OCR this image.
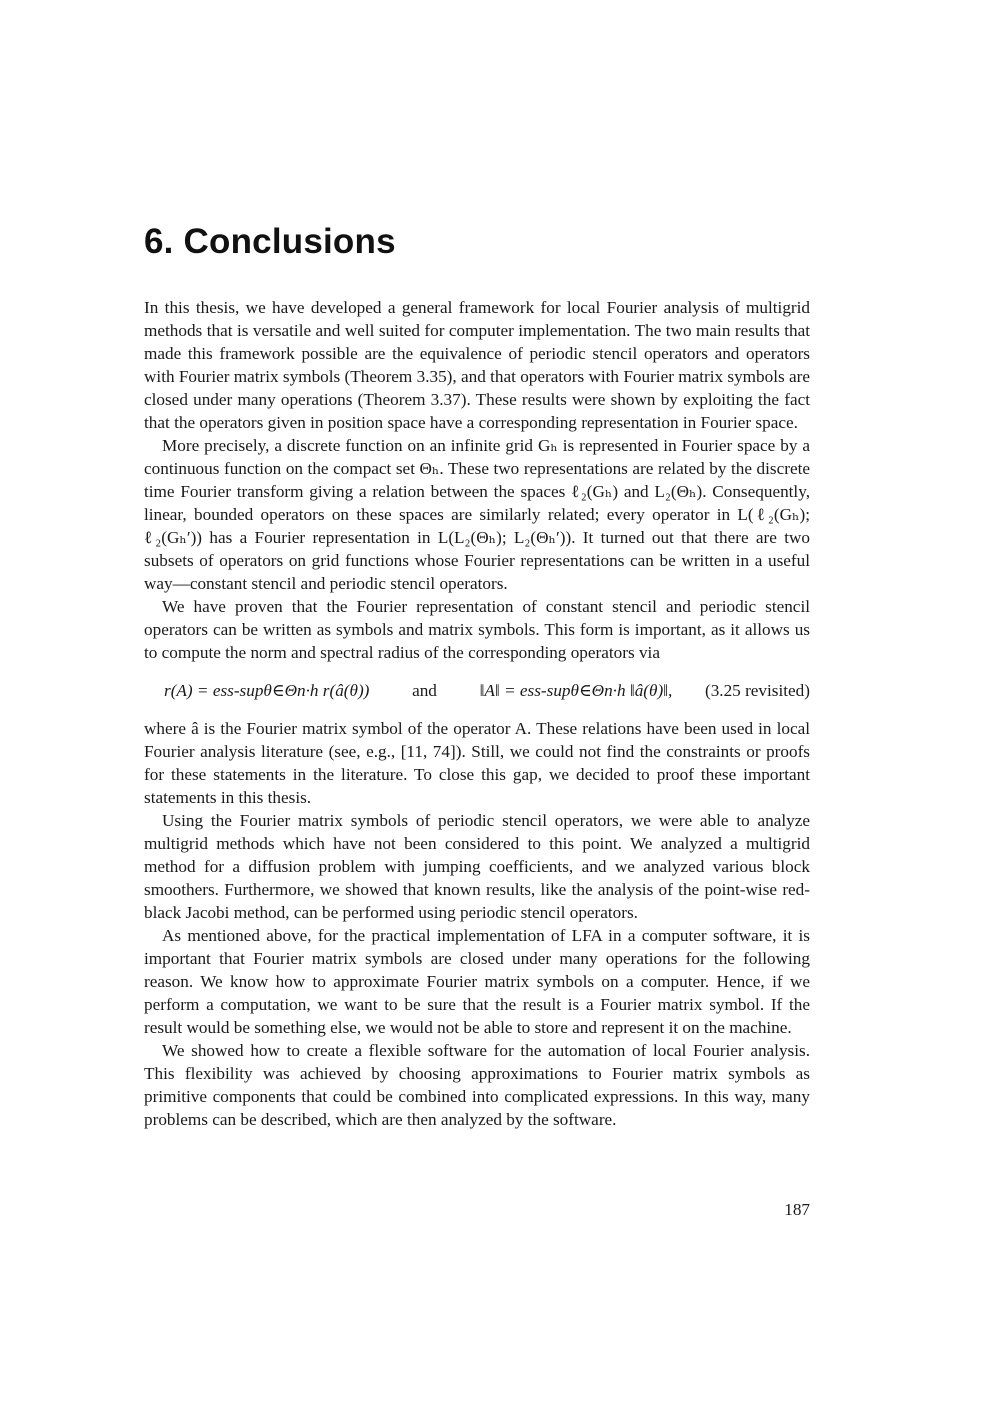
6. Conclusions

In this thesis, we have developed a general framework for local Fourier analysis of multigrid methods that is versatile and well suited for computer implementation. The two main results that made this framework possible are the equivalence of periodic stencil operators and operators with Fourier matrix symbols (Theorem 3.35), and that operators with Fourier matrix symbols are closed under many operations (Theorem 3.37). These results were shown by exploiting the fact that the operators given in position space have a corresponding representation in Fourier space.

More precisely, a discrete function on an infinite grid Gₕ is represented in Fourier space by a continuous function on the compact set Θₕ. These two representations are related by the discrete time Fourier transform giving a relation between the spaces ℓ₂(Gₕ) and L₂(Θₕ). Consequently, linear, bounded operators on these spaces are similarly related; every operator in L(ℓ₂(Gₕ); ℓ₂(Gₕ′)) has a Fourier representation in L(L₂(Θₕ); L₂(Θₕ′)). It turned out that there are two subsets of operators on grid functions whose Fourier representations can be written in a useful way—constant stencil and periodic stencil operators.

We have proven that the Fourier representation of constant stencil and periodic stencil operators can be written as symbols and matrix symbols. This form is important, as it allows us to compute the norm and spectral radius of the corresponding operators via

r(A) = ess-supθ∈Θn·h r(â(θ)) and ‖A‖ = ess-supθ∈Θn·h ‖â(θ)‖, (3.25 revisited)

where â is the Fourier matrix symbol of the operator A. These relations have been used in local Fourier analysis literature (see, e.g., [11, 74]). Still, we could not find the constraints or proofs for these statements in the literature. To close this gap, we decided to proof these important statements in this thesis.

Using the Fourier matrix symbols of periodic stencil operators, we were able to analyze multigrid methods which have not been considered to this point. We analyzed a multigrid method for a diffusion problem with jumping coefficients, and we analyzed various block smoothers. Furthermore, we showed that known results, like the analysis of the point-wise red-black Jacobi method, can be performed using periodic stencil operators.

As mentioned above, for the practical implementation of LFA in a computer software, it is important that Fourier matrix symbols are closed under many operations for the following reason. We know how to approximate Fourier matrix symbols on a computer. Hence, if we perform a computation, we want to be sure that the result is a Fourier matrix symbol. If the result would be something else, we would not be able to store and represent it on the machine.

We showed how to create a flexible software for the automation of local Fourier analysis. This flexibility was achieved by choosing approximations to Fourier matrix symbols as primitive components that could be combined into complicated expressions. In this way, many problems can be described, which are then analyzed by the software.

187
